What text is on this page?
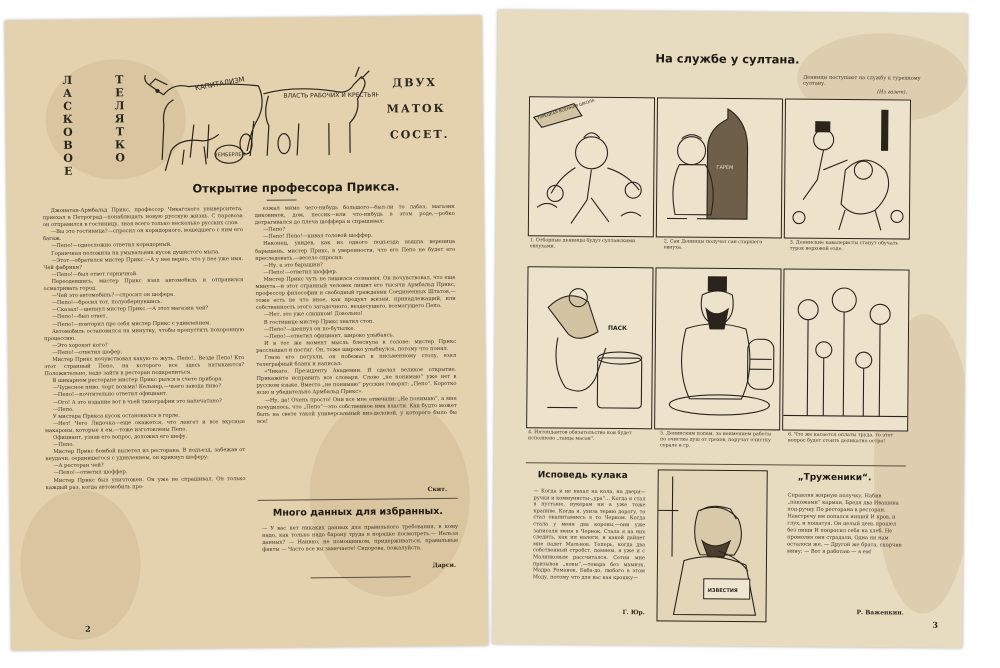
Л
А
С
К
О
В
О
Е
Т
Е
Л
Я
Т
К
О
ДВУХ
МАТОК
СОСЕТ.
КАПИТАЛИЗМ
ВЛАСТЬ РАБОЧИХ И КРЕСТЬЯН
ЧЕМБЕРЛЕН
Открытие профессора Прикса.

Джонатан-Армбальд Прикс, профессор Чикагского университета, приехал в Петроград—понаблюдать новую русскую жизнь. С паровоза он отправился в гостиницу, зная всего только несколько русских слов.

—Вы это гостиница?—спросил он коридорного, вошедшего с ним его багаж.

—Пепо!—односложно ответил коридорный.

Горничная положила на умывальник кусок душистого мыла.

—Этот—обратился мистер Прикс.—А у нее верно, что у нее уже имя. Чей фабрики?

—Пепо!—был ответ горничной.

Переодевшись, мистер Прикс взял автомобиль и отправился осматривать город.

—Чей это автомобиль?—спросил он шофера.

—Пепо!—бросил тот, полуобернувшись.

—Сказал!—шепнул мистер Прикс.—А этот магазин чей?

—Пепо!—был ответ.

—Пепо!—повторил про себя мистер Прикс с удивлением.

Автомобиль остановился на минутку, чтобы пропустить похоронную процессию.

—Это хоронят кого?

—Пепо!—ответил шофер.

Мистер Прикс почувствовал какую-то жуть. Пепо!.. Везде Пепо! Кто этот странный Пепо, на которого все здесь натыкаются? Положительно, надо зайти в ресторан подкрепиться.

В шикарном ресторане мистер Прикс рылся в счете прибора.

—Чудесное пиво, чорт возьми! Кельнер,—чьего завода пиво?

—Пепо!—почтительно ответил официант.

—Ого! А это издание вот в чьей типографии это напечатано?

—Пепо.

У мистера Прикса кусок остановился в горле.

—Нет! Чего Лидочка—еще окажется, что лангет и все вкусные макароны, которые я ем,—тоже изготовлены Пепо.

Официант, узнав его вопрос, доложил его шефу.

—Пепо.

Мистер Прикс бомбой вылетел из ресторана. В подъезд, забежав от неудачи, сердившегося с удивлением, он крикнул шоферу:

—А ресторан чей?

—Пепо!—ответил шоффер.

Мистер Прикс был уничтожен. Он уже не спрашивал. Он только каждый раз, когда автомобиль про-

езжал мимо чего-нибудь большого—был-ли то лабаз, магазин диковинок, дом, пессик—или что-нибудь в этом роде,—робко дотрагивался до плеча шоффера и спрашивал:

—Пепо?

—Пепо! Пепо!—кивал головой шоффер.

Наконец, увидев, как из одного подъезда вышла вереница барышень, мистер Прикс, в уверенности, что его Пепо не будет его преследовать,—весело спросил:

—Ну, а это барышни?

—Пепо!—ответил шоффер.

Мистер Прикс чуть не лишился сознания. Он почувствовал, что еще минута—и этот странный человек лишит его тысячи Армбальд Прикс, профессор философии и свободный гражданин Соединенных Штатов,—тоже есть не что иное, как продукт жизни, принадлежащий, или собственность этого загадочного, вездесущего, всемогущего Пепо.

—Нет, это уже слишком! Довольно!

В гостинице мистер Прикс хватил стоп.

—Пепо?—шепнул он по-бутылке.

—Пепо!—ответил официант, широко улыбаясь.

И в тот же момент мысль блеснула в голове: мистер Прикс расслышал и постиг. Он, тоже широко улыбнулся, потому что понял.

Глаза его потухли, он побежал к письменному столу, взял телеграфный бланк и написал:

«Чикаго. Президенту Академии. Я сделал великое открытие. Прикажите исправить все словари. Слово „не понимаю“ уже нет в русском языке. Вместо „не понимаю“ русские говорят: „Пепо“. Коротко ясно и убедительно Армбальд Прикс».

—Ну, да! Очень просто! Они все мне отвечали: „Не понимаю“, а мне почудилось, что „Пепо“—это собственное имя власти. Как будто может быть на свете такой универсальный виз-деловой, у которого было бы все!

Скит.
Много данных для избранных.
— У вас нет никаких данных для правильного требования, в кому надо, как только надо барону труда в порядке посмотреть.— Нельзя данных? — Наивно, не помощником, придерживаться, правильные факты — Часто все вы замечаете! Сидорова, пожалуйста.
Дарси.
2
На службе у султана.
Денинцы поступают на службу к турецкому султану.
(Из газет).
ТУРЕЦКАЯ ВОЕННАЯ ШКОЛА
ГАРЕМ
1. Отборные денинцы будут султанскими евнухами.
2. Сан Денинцы получат сан старшего евнуха.
3. Денинские кавалеристы станут обучать турок верховой езде.
ПАСК
4. Интендантов обязательство кои будет исполнено „танца масон".
5. Денинским попам, за неимением работы по очистке душ от грехов, поручат очистку серале в гр.
6. Что же касается оплаты труда, то этот вопрос будет стоить деликатно остро!
Исповедь кулака
— Когда я не нахал на кола, на двери—ручки и коммунисты-„ура“... Когда я стал в пустыне, нукерам ни в уже тоже крапиве. Когда я, ухиза теряю дорогу, то стал окапитамиесь в то Черном. Когда стала у меня два коровы,—они уже записали меня в Чернок. Стала я на них следить, как ни налоги, и какой дайнет мне надет Мальнов. Теперь, когда два собственный стробст, помнем, я уже и с Малинковым рассчитался. Сотни мне призывов „ковы“,—товара без мамиэх. Мадра Романов, Баба-до, любого в этом Моду, потому что для вас вая крошку—
Г. Юр.
ИЗВЕСТИЯ
„Труженики“.
Справляя жирную получку, Набив „пакожами“ карман, Бредя два Ивашина под-ручку По ресторана в ресторан. Навстречу им попался нищий И кров, и глух, и пошатуя. Он целый день прошел без пищи И попросил себя на хлеб. Не промолвя они страдали, Одна ни нам осталоси же, — Другой же брата, скорчив мину: — Вот я работаю — я ем!
Р. Важенкин.
3
